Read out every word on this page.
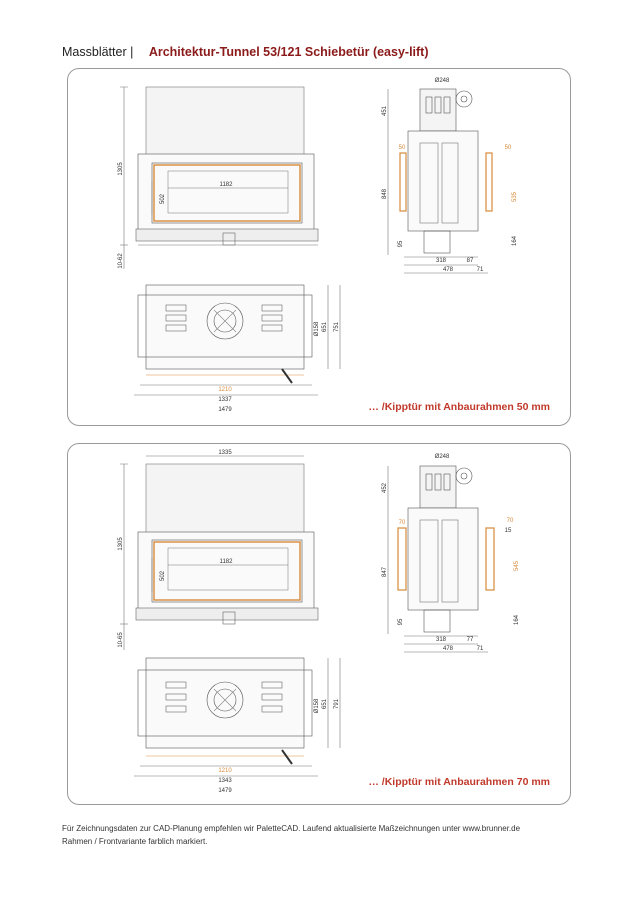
Massblätter | Architektur-Tunnel 53/121 Schiebetür (easy-lift)
1305
1182
502
10-62
Ø248
451
848
50	50
535
95	164
318	87
478	71
Ø158 651 751
1210
1337
1479	… /Kipptür mit Anbaurahmen 50 mm
1335
1305
1182
502
10-65
Ø248
452
847
70	70
15
545
95	164
318	77
478	71
Ø158 651 791
1210
1343
1479
… /Kipptür mit Anbaurahmen 70 mm
Für Zeichnungsdaten zur CAD-Planung empfehlen wir PaletteCAD. Laufend aktualisierte Maßzeichnungen unter www.brunner.de
Rahmen / Frontvariante farblich markiert.
